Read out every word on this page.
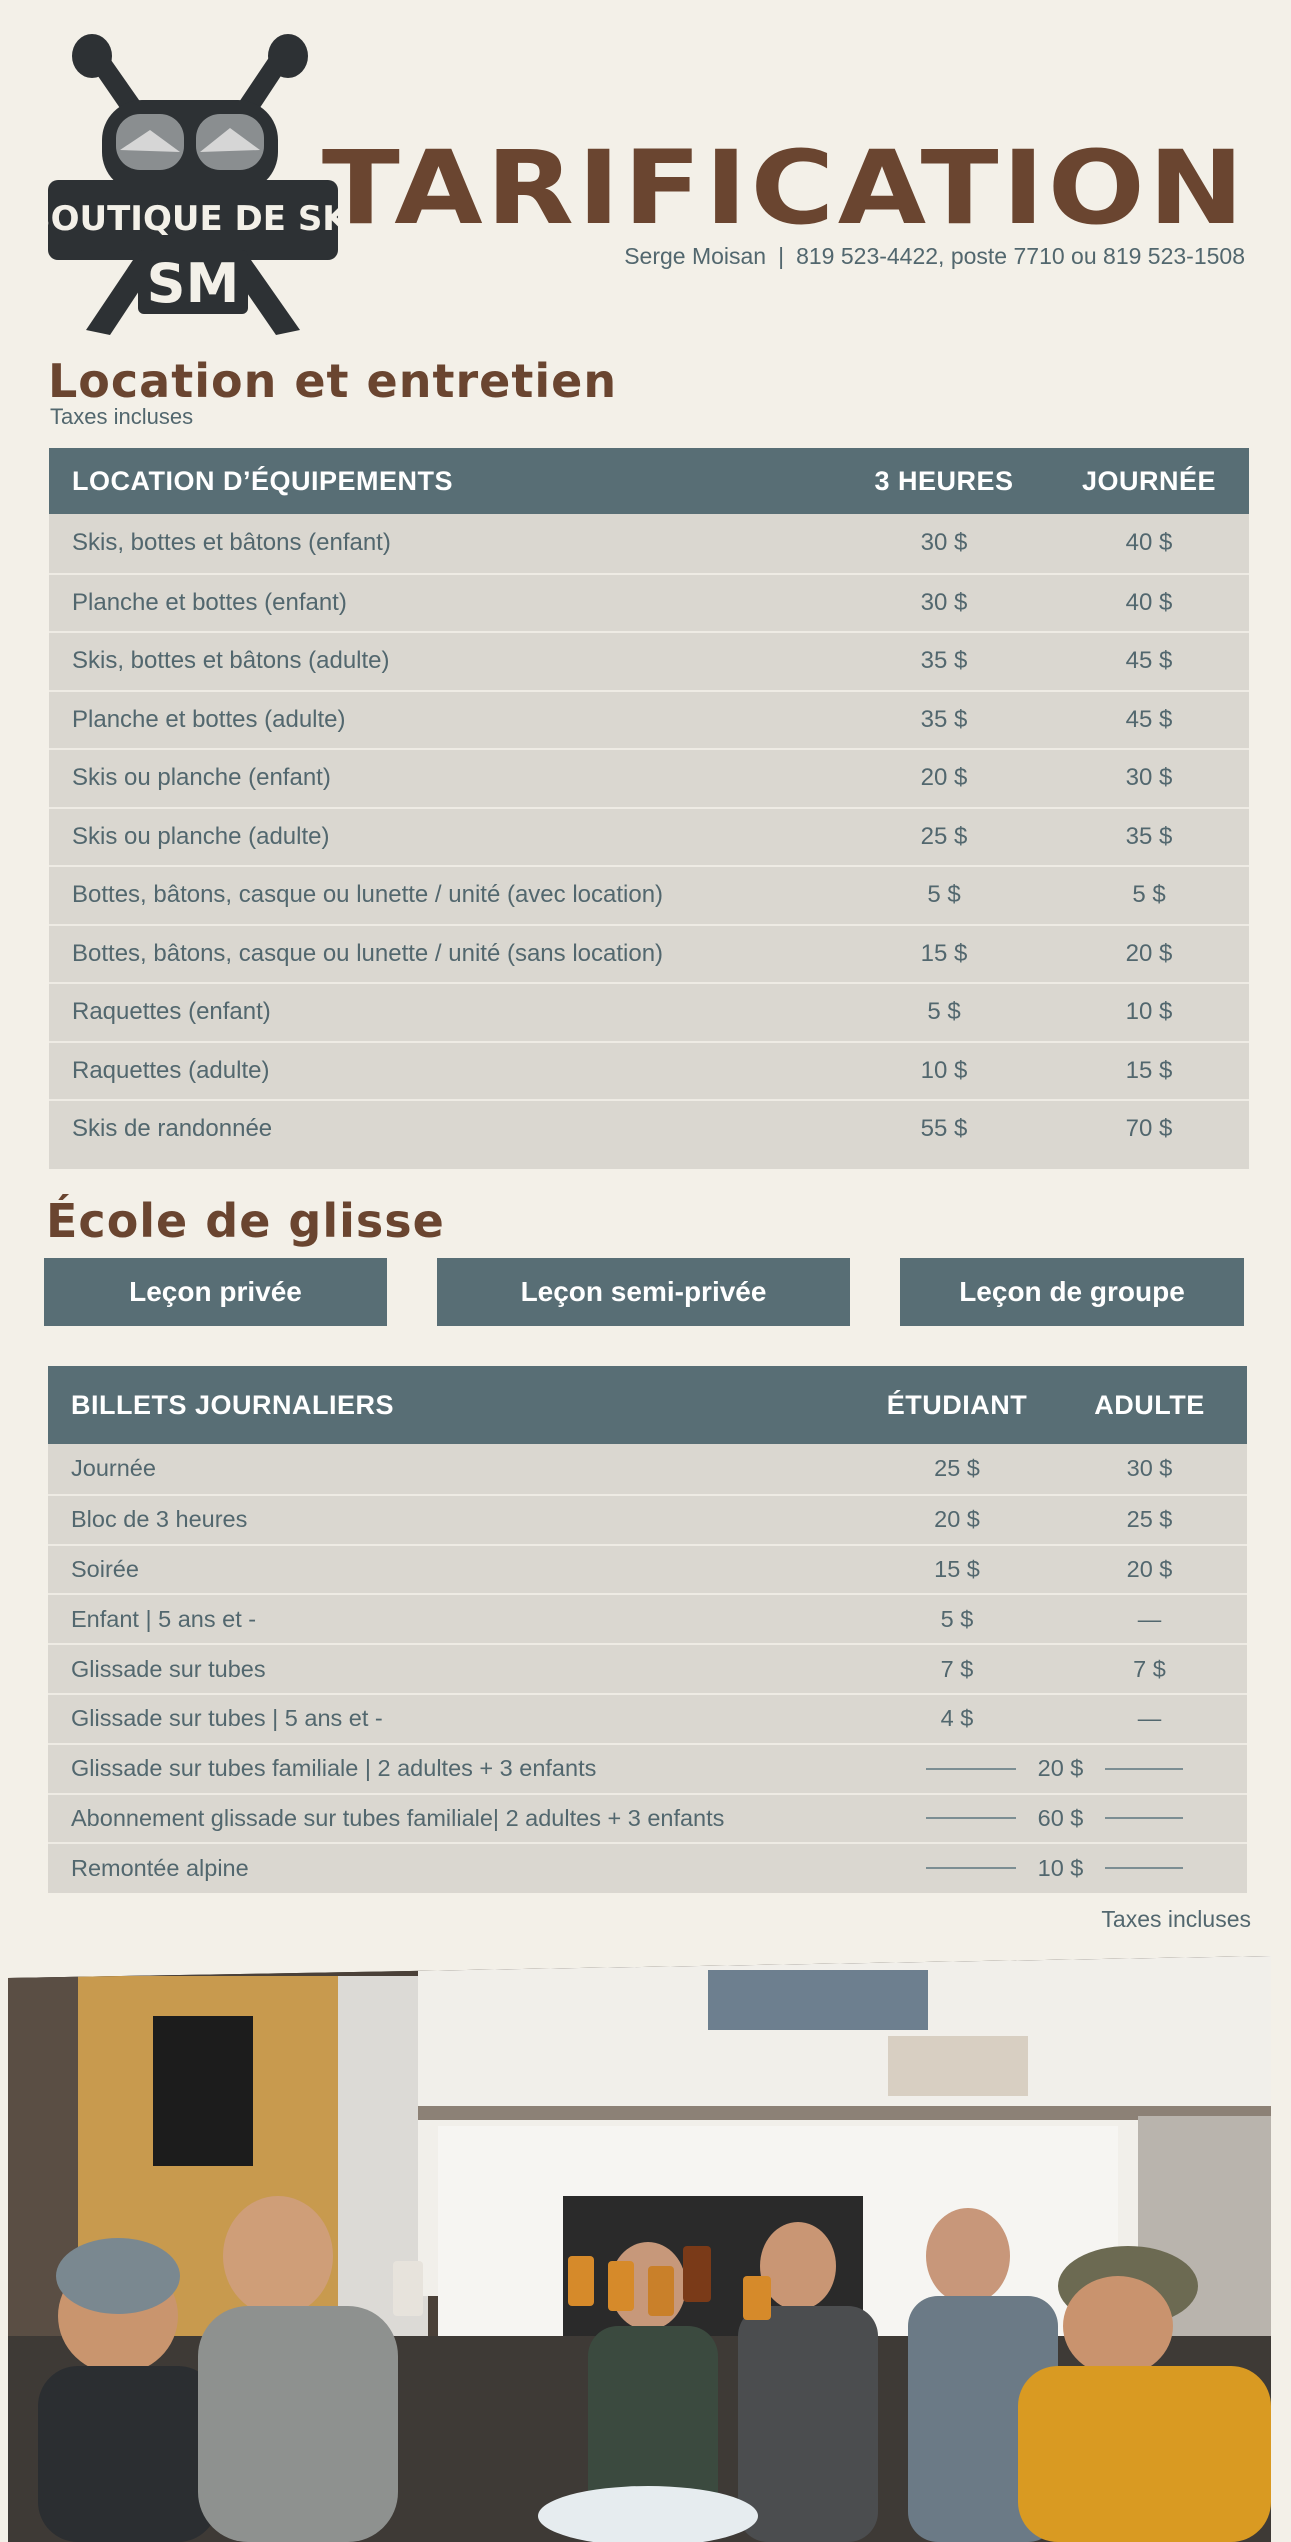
BOUTIQUE DE SKI
SM
TARIFICATION
Serge Moisan | 819 523-4422, poste 7710 ou 819 523-1508
Location et entretien
Taxes incluses
LOCATION D’ÉQUIPEMENTS	3 HEURES	JOURNÉE
Skis, bottes et bâtons (enfant)	30 $	40 $
Planche et bottes (enfant)	30 $	40 $
Skis, bottes et bâtons (adulte)	35 $	45 $
Planche et bottes (adulte)	35 $	45 $
Skis ou planche (enfant)	20 $	30 $
Skis ou planche (adulte)	25 $	35 $
Bottes, bâtons, casque ou lunette / unité (avec location)	5 $	5 $
Bottes, bâtons, casque ou lunette / unité (sans location)	15 $	20 $
Raquettes (enfant)	5 $	10 $
Raquettes (adulte)	10 $	15 $
Skis de randonnée	55 $	70 $
École de glisse
Leçon privée	Leçon semi-privée	Leçon de groupe
BILLETS JOURNALIERS	ÉTUDIANT	ADULTE
Journée	25 $	30 $
Bloc de 3 heures	20 $	25 $
Soirée	15 $	20 $
Enfant | 5 ans et -	5 $	—
Glissade sur tubes	7 $	7 $
Glissade sur tubes | 5 ans et -	4 $	—
Glissade sur tubes familiale | 2 adultes + 3 enfants	20 $
Abonnement glissade sur tubes familiale| 2 adultes + 3 enfants	60 $
Remontée alpine	10 $
Taxes incluses
